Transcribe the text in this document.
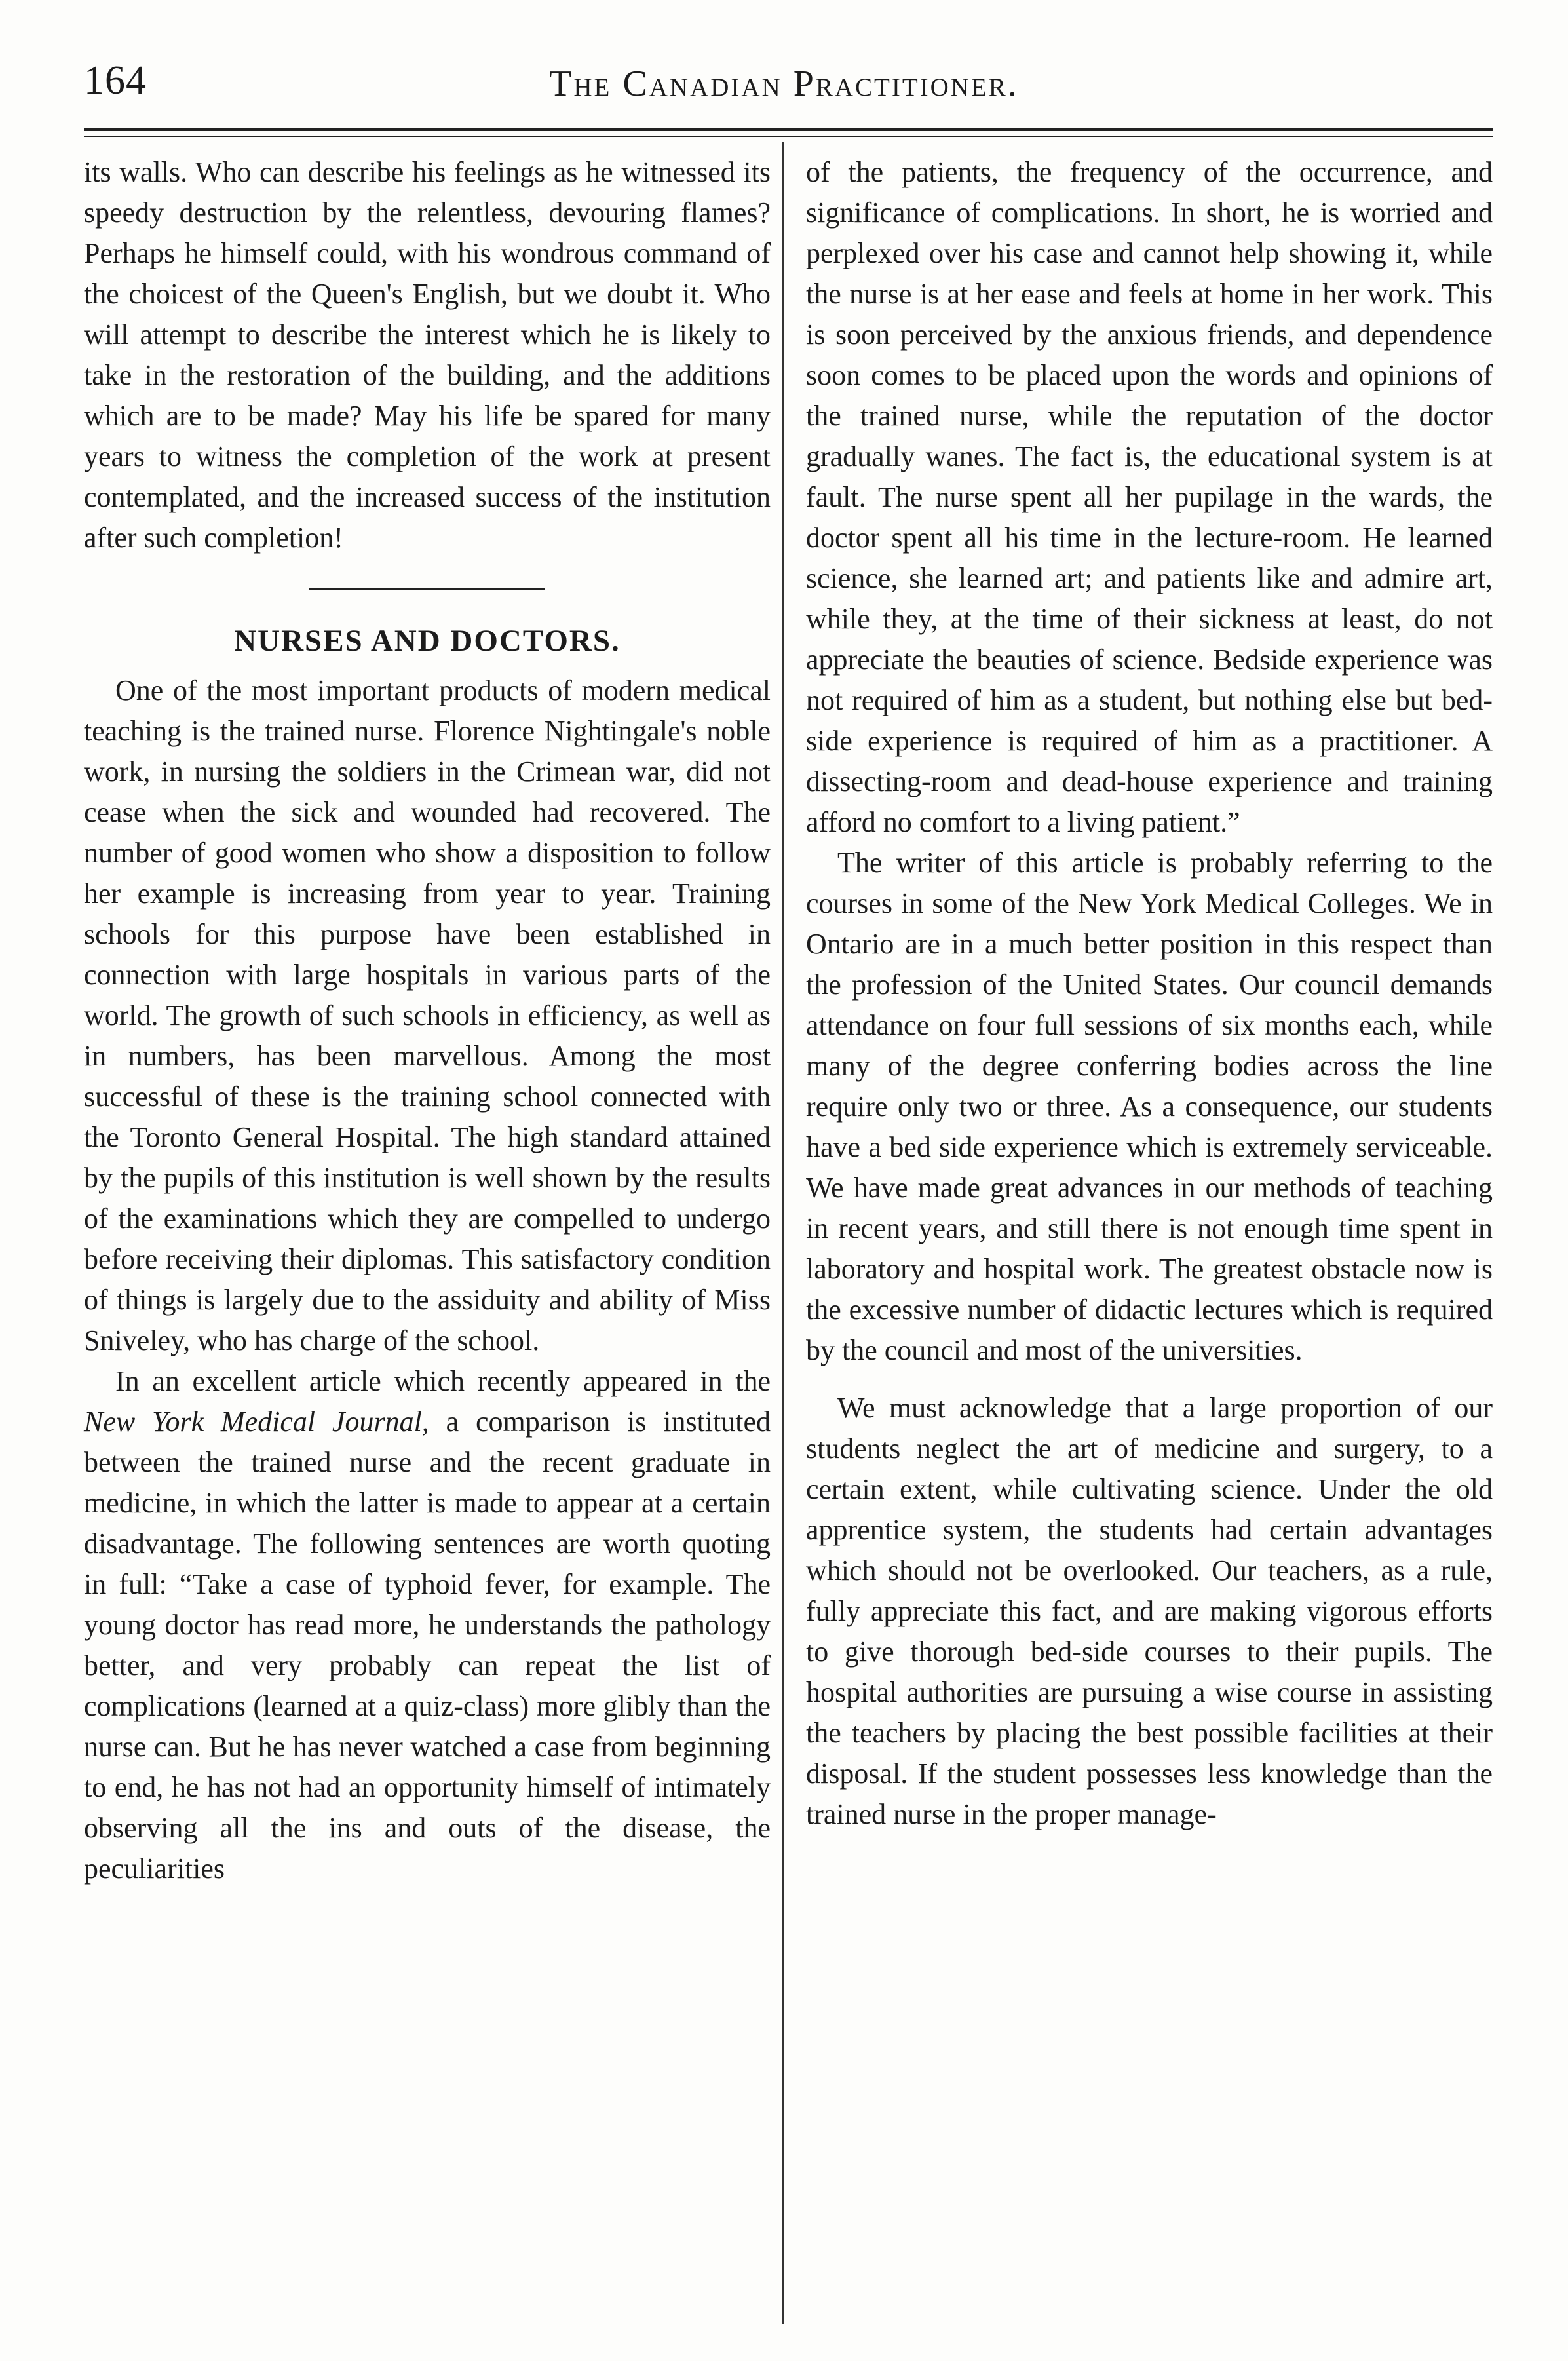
164	The Canadian Practitioner.

its walls. Who can describe his feelings as he witnessed its speedy destruction by the relentless, devouring flames? Perhaps he himself could, with his wondrous command of the choicest of the Queen's English, but we doubt it. Who will attempt to describe the interest which he is likely to take in the restoration of the building, and the additions which are to be made? May his life be spared for many years to witness the completion of the work at present contemplated, and the increased success of the institution after such completion!

NURSES AND DOCTORS.

One of the most important products of modern medical teaching is the trained nurse. Florence Nightingale's noble work, in nursing the soldiers in the Crimean war, did not cease when the sick and wounded had recovered. The number of good women who show a disposition to follow her example is increasing from year to year. Training schools for this purpose have been established in connection with large hospitals in various parts of the world. The growth of such schools in efficiency, as well as in numbers, has been marvellous. Among the most successful of these is the training school connected with the Toronto General Hospital. The high standard attained by the pupils of this institution is well shown by the results of the examinations which they are compelled to undergo before receiving their diplomas. This satisfactory condition of things is largely due to the assiduity and ability of Miss Sniveley, who has charge of the school.

In an excellent article which recently appeared in the New York Medical Journal, a comparison is instituted between the trained nurse and the recent graduate in medicine, in which the latter is made to appear at a certain disadvantage. The following sentences are worth quoting in full: “Take a case of typhoid fever, for example. The young doctor has read more, he understands the pathology better, and very probably can repeat the list of complications (learned at a quiz-class) more glibly than the nurse can. But he has never watched a case from beginning to end, he has not had an opportunity himself of intimately observing all the ins and outs of the disease, the peculiarities

of the patients, the frequency of the occurrence, and significance of complications. In short, he is worried and perplexed over his case and cannot help showing it, while the nurse is at her ease and feels at home in her work. This is soon perceived by the anxious friends, and dependence soon comes to be placed upon the words and opinions of the trained nurse, while the reputation of the doctor gradually wanes. The fact is, the educational system is at fault. The nurse spent all her pupilage in the wards, the doctor spent all his time in the lecture-room. He learned science, she learned art; and patients like and admire art, while they, at the time of their sickness at least, do not appreciate the beauties of science. Bedside experience was not required of him as a student, but nothing else but bed-side experience is required of him as a practitioner. A dissecting-room and dead-house experience and training afford no comfort to a living patient.”

The writer of this article is probably referring to the courses in some of the New York Medical Colleges. We in Ontario are in a much better position in this respect than the profession of the United States. Our council demands attendance on four full sessions of six months each, while many of the degree conferring bodies across the line require only two or three. As a consequence, our students have a bed side experience which is extremely serviceable. We have made great advances in our methods of teaching in recent years, and still there is not enough time spent in laboratory and hospital work. The greatest obstacle now is the excessive number of didactic lectures which is required by the council and most of the universities.

We must acknowledge that a large proportion of our students neglect the art of medicine and surgery, to a certain extent, while cultivating science. Under the old apprentice system, the students had certain advantages which should not be overlooked. Our teachers, as a rule, fully appreciate this fact, and are making vigorous efforts to give thorough bed-side courses to their pupils. The hospital authorities are pursuing a wise course in assisting the teachers by placing the best possible facilities at their disposal. If the student possesses less knowledge than the trained nurse in the proper manage-
